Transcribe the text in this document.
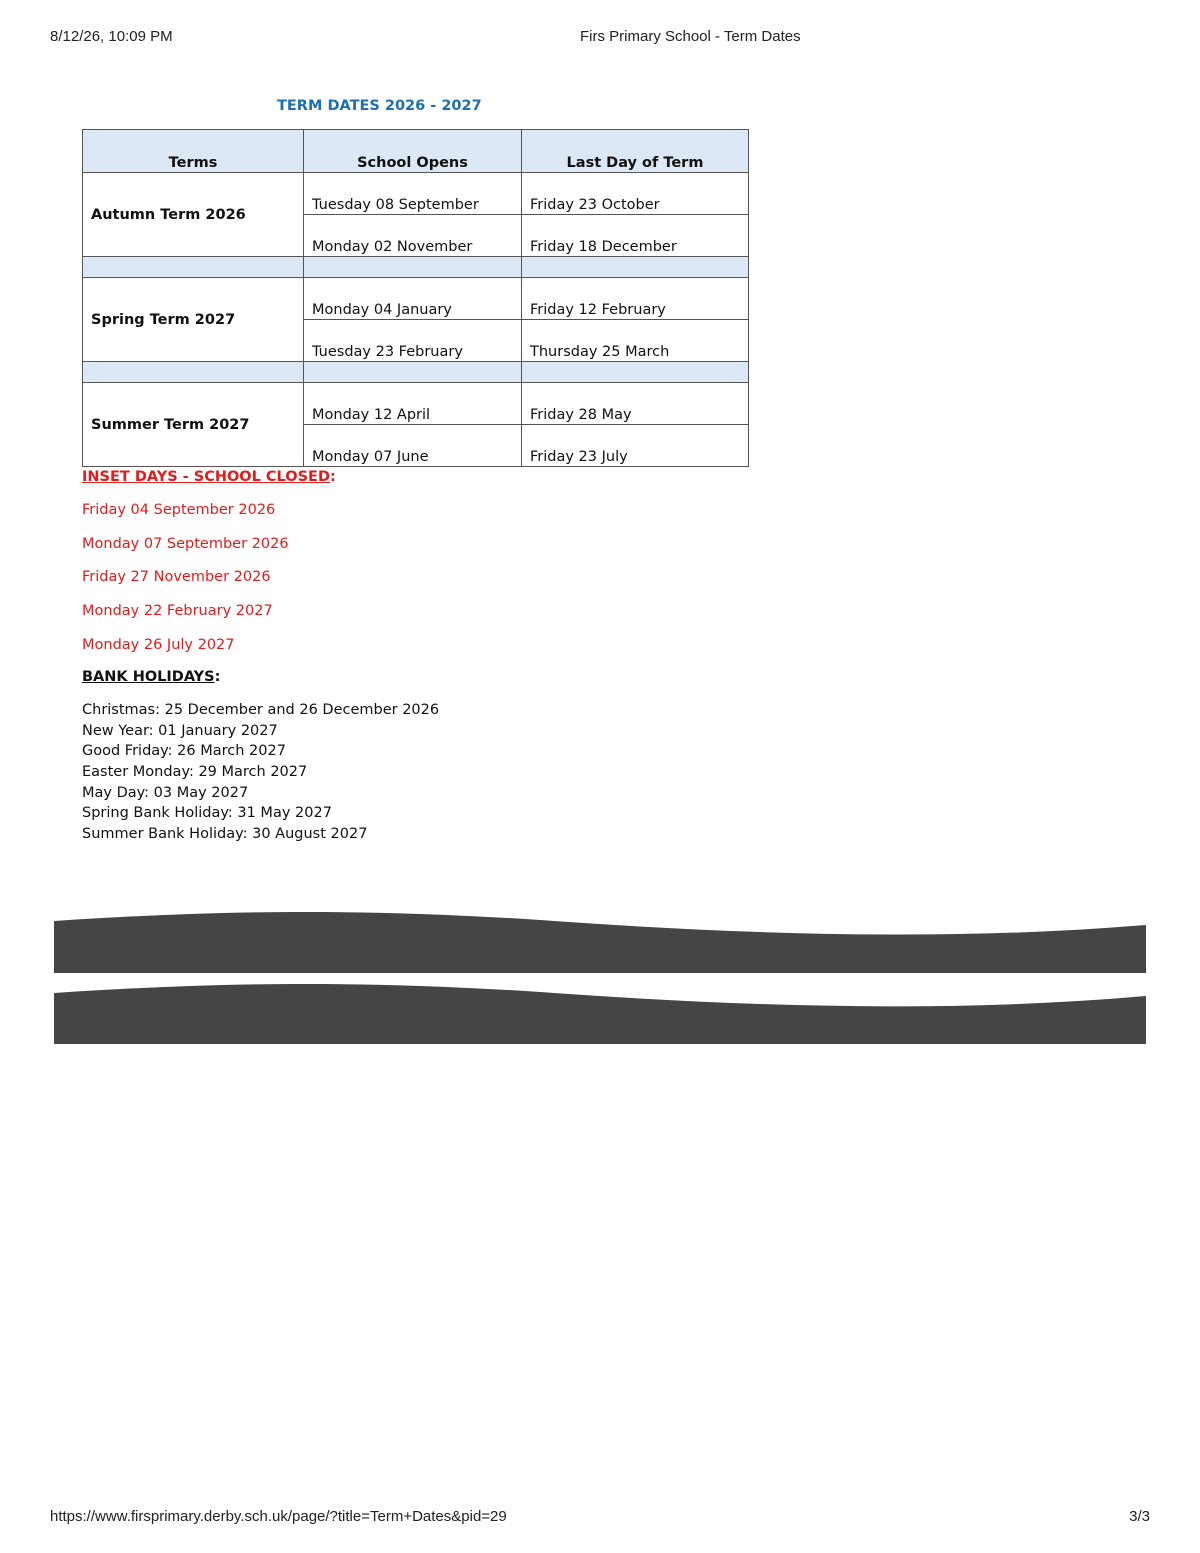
8/12/26, 10:09 PM	Firs Primary School - Term Dates
TERM DATES 2026 - 2027
Terms	School Opens	Last Day of Term
Autumn Term 2026	Tuesday 08 September	Friday 23 October
	Monday 02 November	Friday 18 December

Spring Term 2027	Monday 04 January	Friday 12 February
	Tuesday 23 February	Thursday 25 March

Summer Term 2027	Monday 12 April	Friday 28 May
	Monday 07 June	Friday 23 July
INSET DAYS - SCHOOL CLOSED:
Friday 04 September 2026
Monday 07 September 2026
Friday 27 November 2026
Monday 22 February 2027
Monday 26 July 2027
BANK HOLIDAYS:
Christmas: 25 December and 26 December 2026
New Year: 01 January 2027
Good Friday: 26 March 2027
Easter Monday: 29 March 2027
May Day: 03 May 2027
Spring Bank Holiday: 31 May 2027
Summer Bank Holiday: 30 August 2027
https://www.firsprimary.derby.sch.uk/page/?title=Term+Dates&pid=29	3/3
